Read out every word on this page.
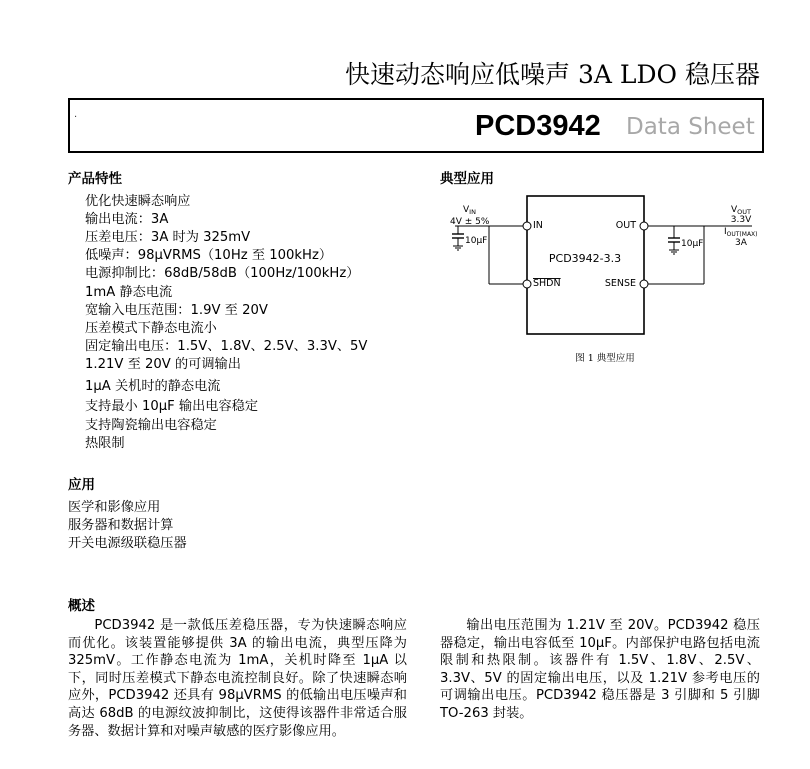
快速动态响应低噪声 3A LDO 稳压器
·	PCD3942 Data Sheet
产品特性
优化快速瞬态响应
输出电流：3A
压差电压：3A 时为 325mV
低噪声：98μVRMS（10Hz 至 100kHz）
电源抑制比：68dB/58dB（100Hz/100kHz）
1mA 静态电流
宽输入电压范围：1.9V 至 20V
压差模式下静态电流小
固定输出电压：1.5V、1.8V、2.5V、3.3V、5V
1.21V 至 20V 的可调输出
1μA 关机时的静态电流
支持最小 10μF 输出电容稳定
支持陶瓷输出电容稳定
热限制
典型应用
IN	OUT
SHDN	SENSE
PCD3942-3.3
$V_{IN}$
4V ± 5%
10μF	10μF
$V_{OUT}$
3.3V
$I_{OUT(MAX)}$
3A
图 1 典型应用
应用
医学和影像应用
服务器和数据计算
开关电源级联稳压器
概述
PCD3942 是一款低压差稳压器，专为快速瞬态响应而优化。该装置能够提供 3A 的输出电流，典型压降为 325mV。工作静态电流为 1mA，关机时降至 1μA 以下，同时压差模式下静态电流控制良好。除了快速瞬态响应外，PCD3942 还具有 98μVRMS 的低输出电压噪声和高达 68dB 的电源纹波抑制比，这使得该器件非常适合服务器、数据计算和对噪声敏感的医疗影像应用。
输出电压范围为 1.21V 至 20V。PCD3942 稳压器稳定，输出电容低至 10μF。内部保护电路包括电流限制和热限制。该器件有 1.5V、1.8V、2.5V、3.3V、5V 的固定输出电压，以及 1.21V 参考电压的可调输出电压。PCD3942 稳压器是 3 引脚和 5 引脚 TO-263 封装。
